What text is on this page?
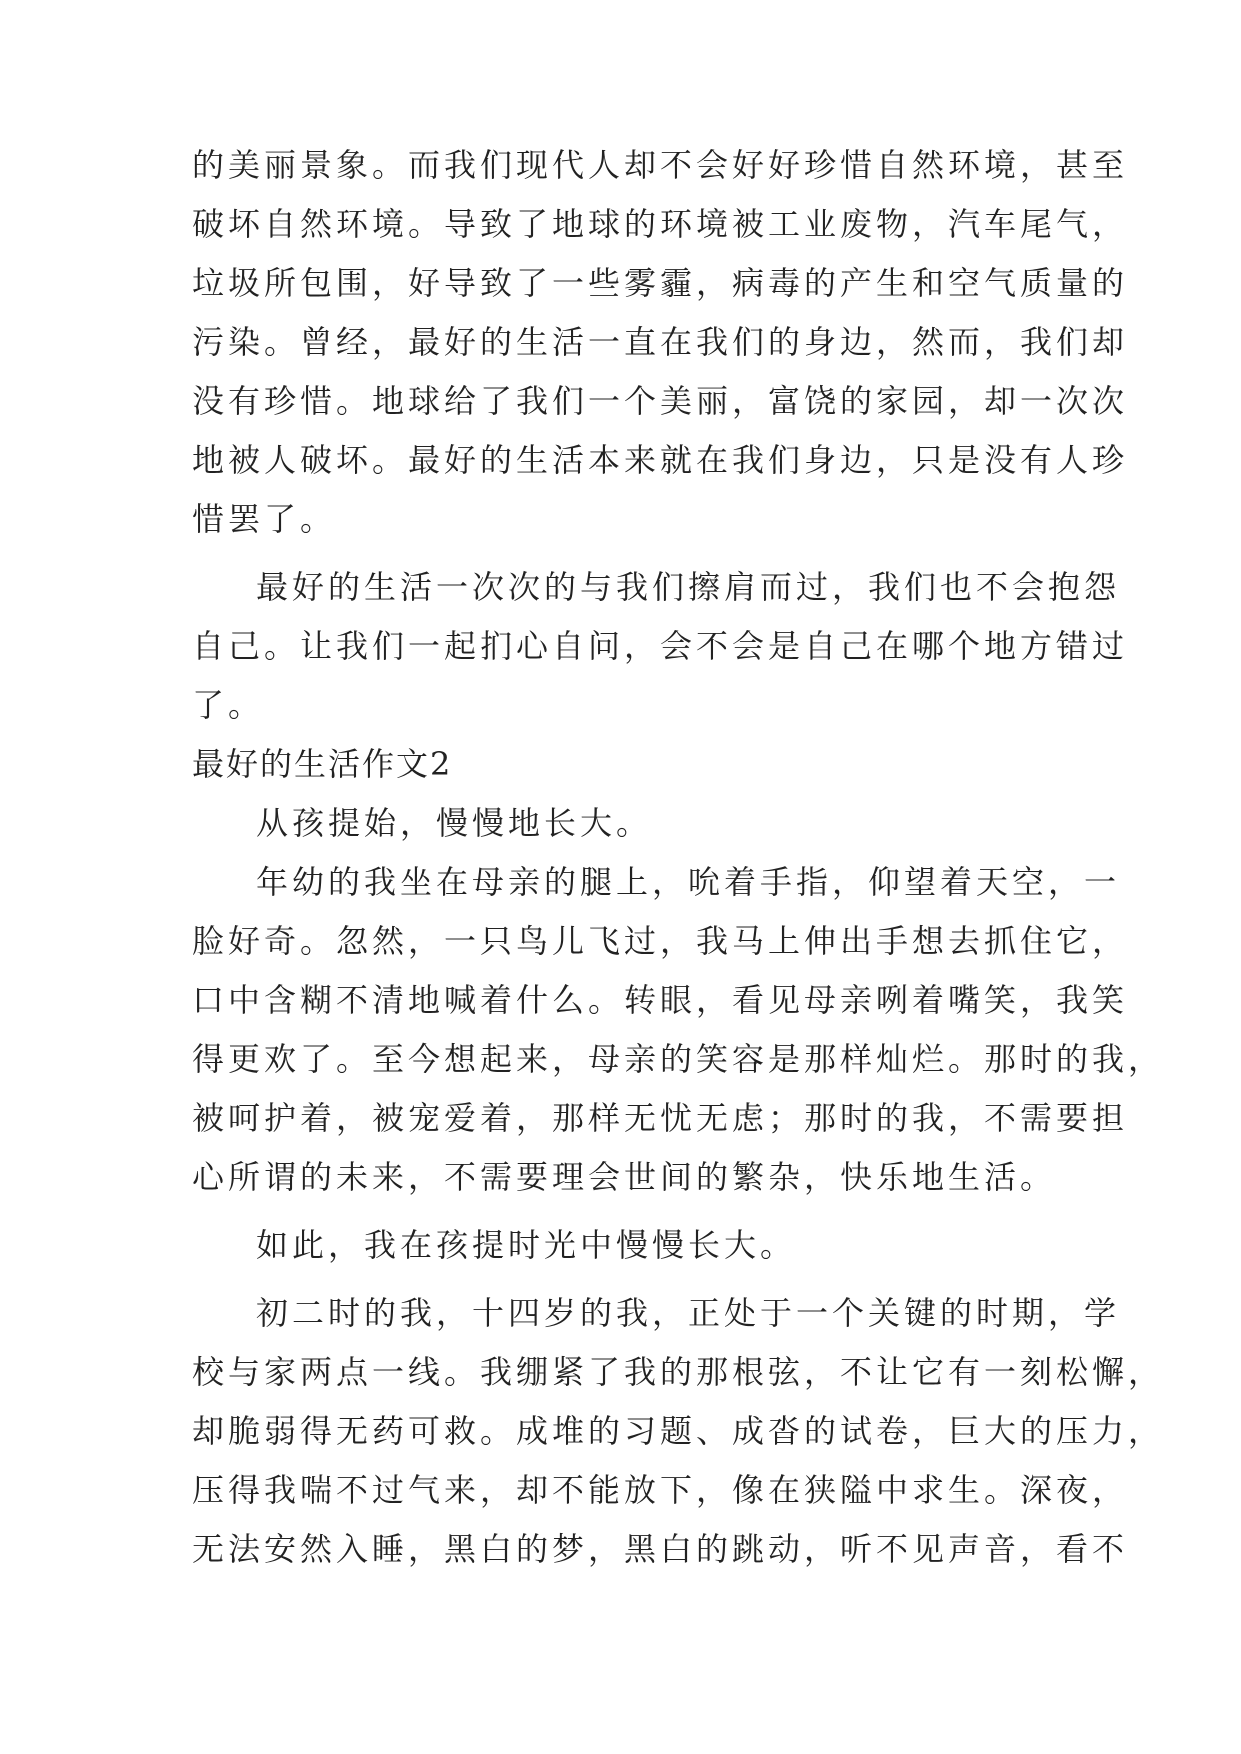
的美丽景象。而我们现代人却不会好好珍惜自然环境，甚至
破坏自然环境。导致了地球的环境被工业废物，汽车尾气，
垃圾所包围，好导致了一些雾霾，病毒的产生和空气质量的
污染。曾经，最好的生活一直在我们的身边，然而，我们却
没有珍惜。地球给了我们一个美丽，富饶的家园，却一次次
地被人破坏。最好的生活本来就在我们身边，只是没有人珍
惜罢了。
最好的生活一次次的与我们擦肩而过，我们也不会抱怨
自己。让我们一起扪心自问，会不会是自己在哪个地方错过
了。
最好的生活作文2
从孩提始，慢慢地长大。
年幼的我坐在母亲的腿上，吮着手指，仰望着天空，一
脸好奇。忽然，一只鸟儿飞过，我马上伸出手想去抓住它，
口中含糊不清地喊着什么。转眼，看见母亲咧着嘴笑，我笑
得更欢了。至今想起来，母亲的笑容是那样灿烂。那时的我，
被呵护着，被宠爱着，那样无忧无虑；那时的我，不需要担
心所谓的未来，不需要理会世间的繁杂，快乐地生活。
如此，我在孩提时光中慢慢长大。
初二时的我，十四岁的我，正处于一个关键的时期，学
校与家两点一线。我绷紧了我的那根弦，不让它有一刻松懈，
却脆弱得无药可救。成堆的习题、成沓的试卷，巨大的压力，
压得我喘不过气来，却不能放下，像在狭隘中求生。深夜，
无法安然入睡，黑白的梦，黑白的跳动，听不见声音，看不
